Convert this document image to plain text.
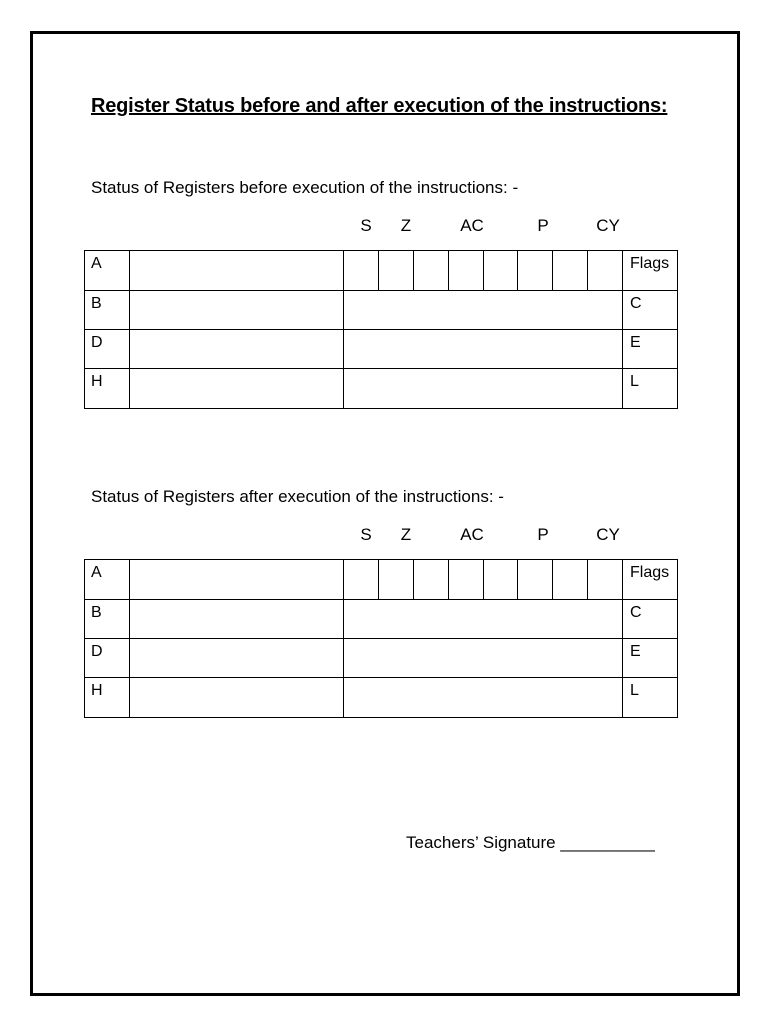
Register Status before and after execution of the instructions:
Status of Registers before execution of the instructions: -
S Z	AC	P	CY
A			Flags
B			C
D			E
H			L
Status of Registers after execution of the instructions: -
S Z	AC	P	CY
A			Flags
B			C
D			E
H			L
Teachers’ Signature __________
